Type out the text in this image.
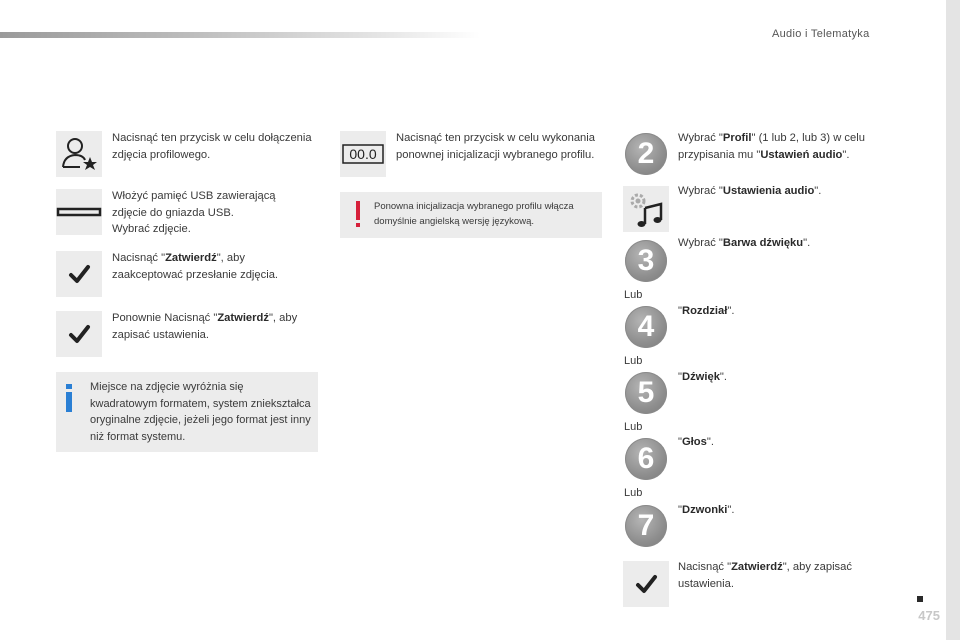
Audio i Telematyka
Nacisnąć ten przycisk w celu dołączenia zdjęcia profilowego.
Włożyć pamięć USB zawierającą
zdjęcie do gniazda USB.
Wybrać zdjęcie.
Nacisnąć "Zatwierdź", aby zaakceptować przesłanie zdjęcia.
Ponownie Nacisnąć "Zatwierdź", aby zapisać ustawienia.
Miejsce na zdjęcie wyróżnia się kwadratowym formatem, system zniekształca oryginalne zdjęcie, jeżeli jego format jest inny niż format systemu.
00.0
Nacisnąć ten przycisk w celu wykonania ponownej inicjalizacji wybranego profilu.
Ponowna inicjalizacja wybranego profilu włącza domyślnie angielską wersję językową.
2	Wybrać "Profil" (1 lub 2, lub 3) w celu przypisania mu "Ustawień audio".
Wybrać "Ustawienia audio".
3
Wybrać "Barwa dźwięku".
Lub
4	"Rozdział".
Lub
5	"Dźwięk".
Lub
6	"Głos".
Lub
7	"Dzwonki".
Nacisnąć "Zatwierdź", aby zapisać ustawienia.
475
